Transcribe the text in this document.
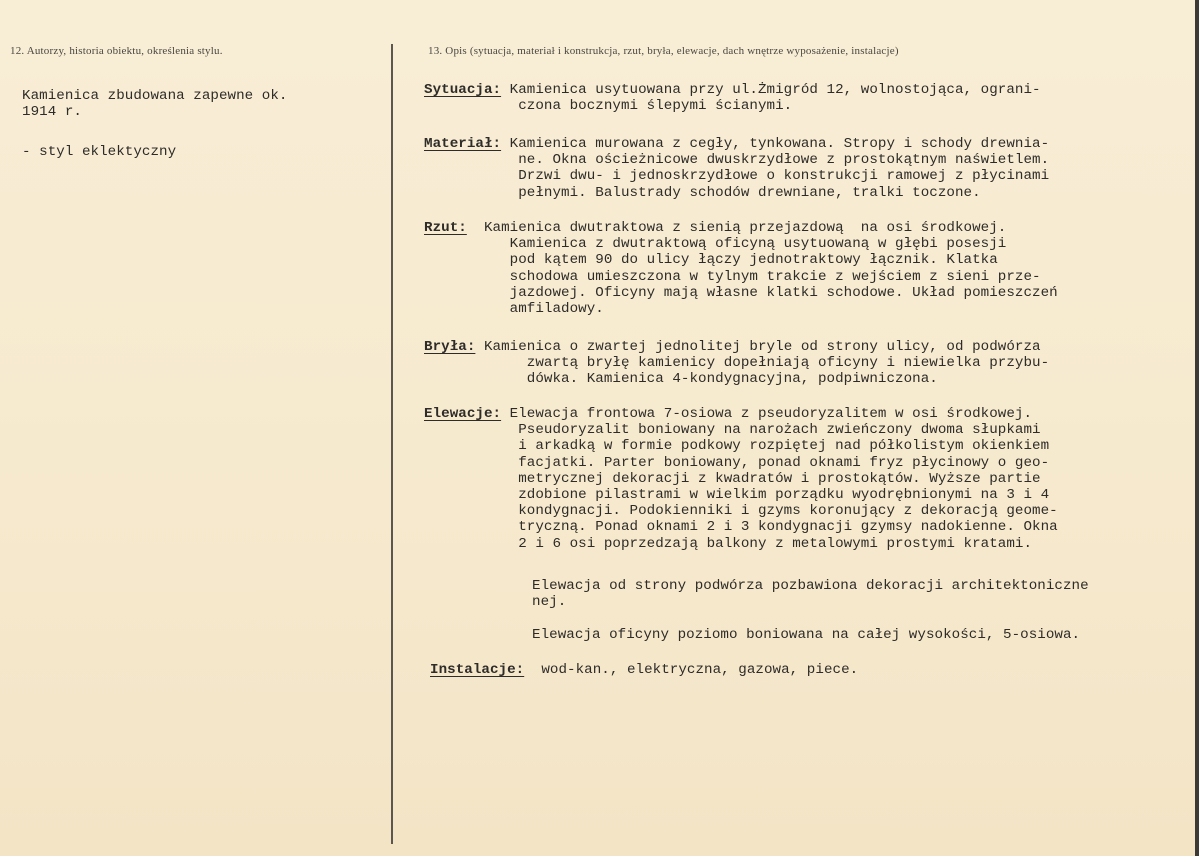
12. Autorzy, historia obiektu, określenia stylu.	13. Opis (sytuacja, materiał i konstrukcja, rzut, bryła, elewacje, dach wnętrze wyposażenie, instalacje)
Kamienica zbudowana zapewne ok.
1914 r.
- styl eklektyczny
Sytuacja: Kamienica usytuowana przy ul.Żmigród 12, wolnostojąca, ograni-
czona bocznymi ślepymi ścianymi.
Materiał: Kamienica murowana z cegły, tynkowana. Stropy i schody drewnia-
ne. Okna ościeżnicowe dwuskrzydłowe z prostokątnym naświetlem.
Drzwi dwu- i jednoskrzydłowe o konstrukcji ramowej z płycinami
pełnymi. Balustrady schodów drewniane, tralki toczone.
Rzut:  Kamienica dwutraktowa z sienią przejazdową  na osi środkowej.
Kamienica z dwutraktową oficyną usytuowaną w głębi posesji
pod kątem 90 do ulicy łączy jednotraktowy łącznik. Klatka
schodowa umieszczona w tylnym trakcie z wejściem z sieni prze-
jazdowej. Oficyny mają własne klatki schodowe. Układ pomieszczeń
amfiladowy.
Bryła: Kamienica o zwartej jednolitej bryle od strony ulicy, od podwórza
zwartą bryłę kamienicy dopełniają oficyny i niewielka przybu-
dówka. Kamienica 4-kondygnacyjna, podpiwniczona.
Elewacje: Elewacja frontowa 7-osiowa z pseudoryzalitem w osi środkowej.
Pseudoryzalit boniowany na narożach zwieńczony dwoma słupkami
i arkadką w formie podkowy rozpiętej nad półkolistym okienkiem
facjatki. Parter boniowany, ponad oknami fryz płycinowy o geo-
metrycznej dekoracji z kwadratów i prostokątów. Wyższe partie
zdobione pilastrami w wielkim porządku wyodrębnionymi na 3 i 4
kondygnacji. Podokienniki i gzyms koronujący z dekoracją geome-
tryczną. Ponad oknami 2 i 3 kondygnacji gzymsy nadokienne. Okna
2 i 6 osi poprzedzają balkony z metalowymi prostymi kratami.
Elewacja od strony podwórza pozbawiona dekoracji architektoniczne
nej.
Elewacja oficyny poziomo boniowana na całej wysokości, 5-osiowa.
Instalacje:  wod-kan., elektryczna, gazowa, piece.
